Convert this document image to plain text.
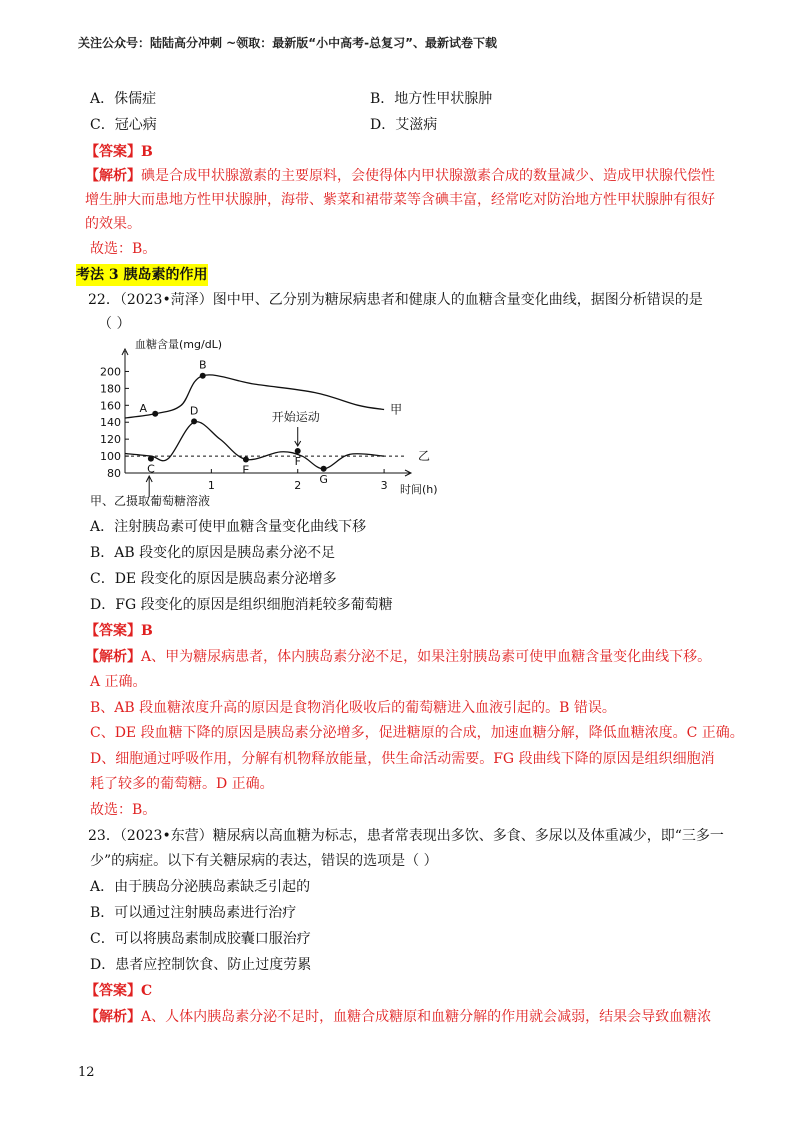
关注公众号：陆陆高分冲刺 ~领取：最新版“小中高考-总复习”、最新试卷下载
A．侏儒症	B．地方性甲状腺肿
C．冠心病	D．艾滋病
【答案】B
【解析】碘是合成甲状腺激素的主要原料，会使得体内甲状腺激素合成的数量减少、造成甲状腺代偿性
增生肿大而患地方性甲状腺肿，海带、紫菜和裙带菜等含碘丰富，经常吃对防治地方性甲状腺肿有很好
的效果。
故选：B。
考法 3 胰岛素的作用
22．（2023•菏泽）图中甲、乙分别为糖尿病患者和健康人的血糖含量变化曲线，据图分析错误的是
（ ）
血糖含量(mg/dL)
时间(h)
80
100
120
140
160
180
200
1	2	3
乙
甲
A
B
C
D
E
F
G
开始运动
甲、乙摄取葡萄糖溶液
A．注射胰岛素可使甲血糖含量变化曲线下移
B．AB 段变化的原因是胰岛素分泌不足
C．DE 段变化的原因是胰岛素分泌增多
D．FG 段变化的原因是组织细胞消耗较多葡萄糖
【答案】B
【解析】A、甲为糖尿病患者，体内胰岛素分泌不足，如果注射胰岛素可使甲血糖含量变化曲线下移。
A 正确。
B、AB 段血糖浓度升高的原因是食物消化吸收后的葡萄糖进入血液引起的。B 错误。
C、DE 段血糖下降的原因是胰岛素分泌增多，促进糖原的合成，加速血糖分解，降低血糖浓度。C 正确。
D、细胞通过呼吸作用，分解有机物释放能量，供生命活动需要。FG 段曲线下降的原因是组织细胞消
耗了较多的葡萄糖。D 正确。
故选：B。
23．（2023•东营）糖尿病以高血糖为标志，患者常表现出多饮、多食、多尿以及体重减少，即“三多一
少”的病症。以下有关糖尿病的表达，错误的选项是（ ）
A．由于胰岛分泌胰岛素缺乏引起的
B．可以通过注射胰岛素进行治疗
C．可以将胰岛素制成胶囊口服治疗
D．患者应控制饮食、防止过度劳累
【答案】C
【解析】A、人体内胰岛素分泌不足时，血糖合成糖原和血糖分解的作用就会减弱，结果会导致血糖浓
12
